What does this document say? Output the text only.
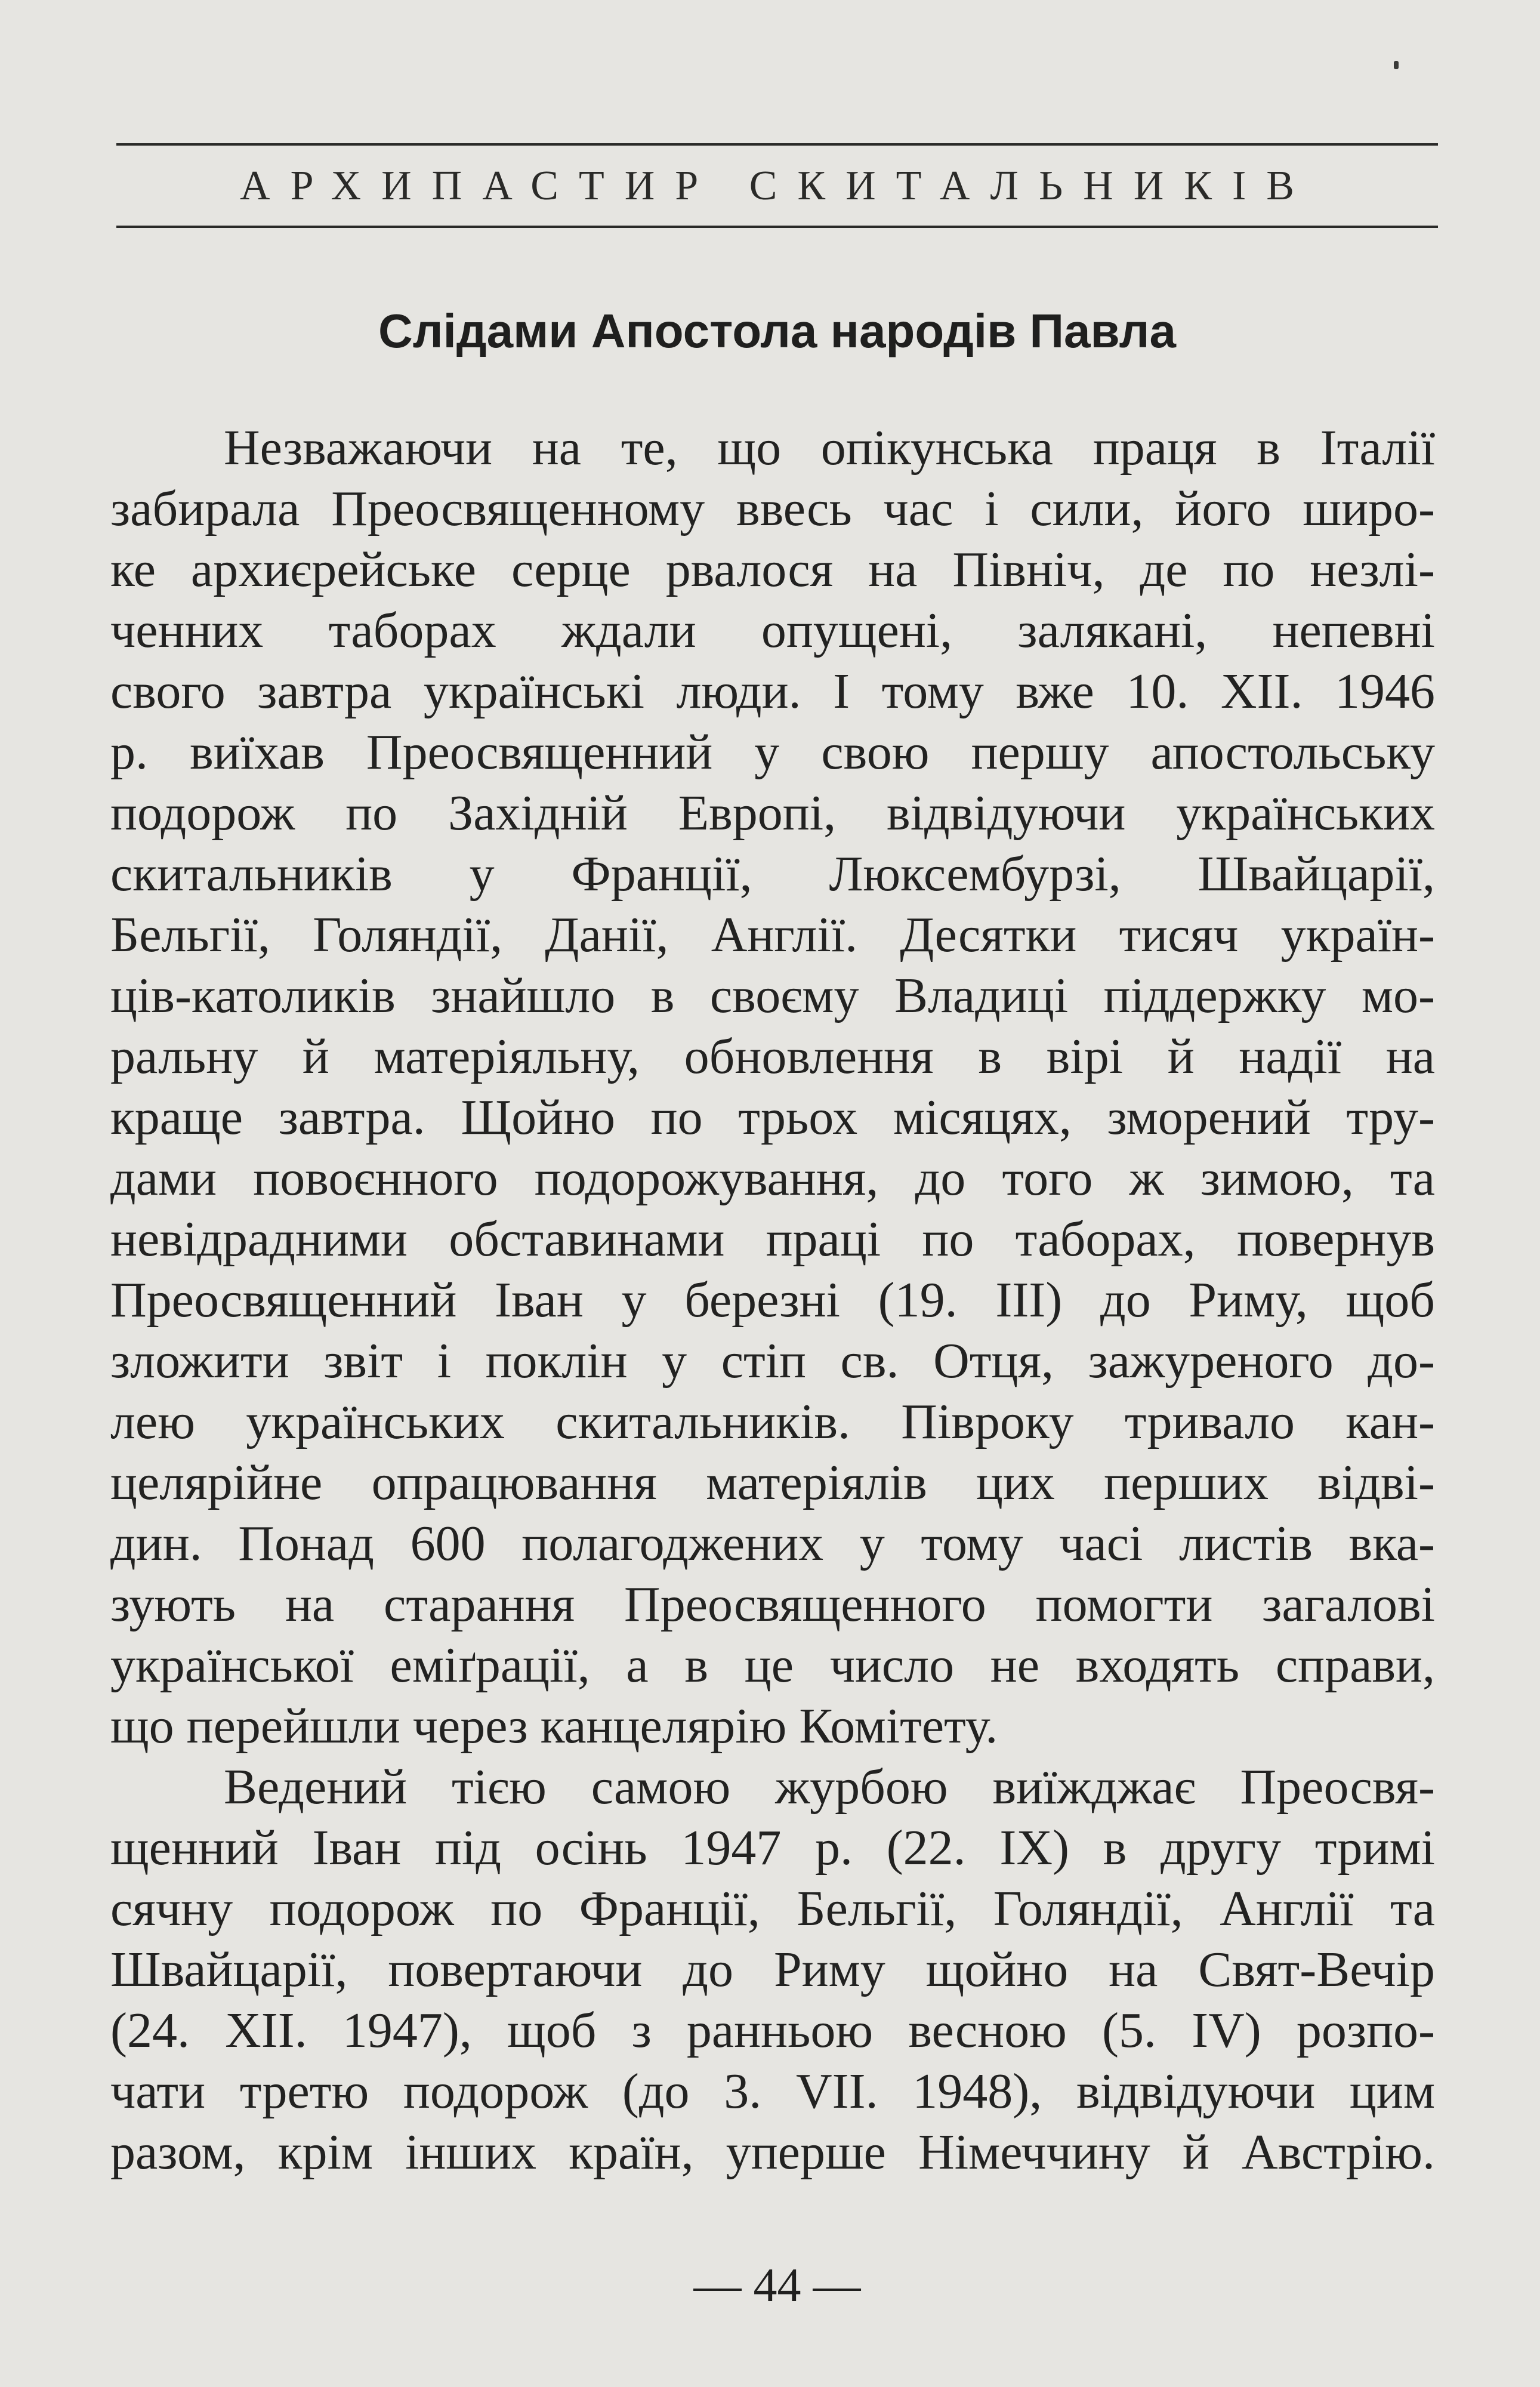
АРХИПАСТИР СКИТАЛЬНИКІВ
Слідами Апостола народів Павла
Незважаючи на те, що опікунська праця в Італії
забирала Преосвященному ввесь час і сили, його широ-
ке архиєрейське серце рвалося на Північ, де по незлі-
ченних таборах ждали опущені, залякані, непевні
свого завтра українські люди. І тому вже 10. XII. 1946
р. виїхав Преосвященний у свою першу апостольську
подорож по Західній Европі, відвідуючи українських
скитальників у Франції, Люксембурзі, Швайцарії,
Бельгії, Голяндії, Данії, Англії. Десятки тисяч україн-
ців-католиків знайшло в своєму Владиці піддержку мо-
ральну й матеріяльну, обновлення в вірі й надії на
краще завтра. Щойно по трьох місяцях, зморений тру-
дами повоєнного подорожування, до того ж зимою, та
невідрадними обставинами праці по таборах, повернув
Преосвященний Іван у березні (19. III) до Риму, щоб
зложити звіт і поклін у стіп св. Отця, зажуреного до-
лею українських скитальників. Півроку тривало кан-
целярійне опрацювання матеріялів цих перших відві-
дин. Понад 600 полагоджених у тому часі листів вка-
зують на старання Преосвященного помогти загалові
української еміґрації, а в це число не входять справи,
що перейшли через канцелярію Комітету.
Ведений тією самою журбою виїжджає Преосвя-
щенний Іван під осінь 1947 р. (22. IX) в другу тримі
сячну подорож по Франції, Бельгії, Голяндії, Англії та
Швайцарії, повертаючи до Риму щойно на Свят-Вечір
(24. XII. 1947), щоб з ранньою весною (5. IV) розпо-
чати третю подорож (до 3. VII. 1948), відвідуючи цим
разом, крім інших країн, уперше Німеччину й Австрію.
— 44 —
